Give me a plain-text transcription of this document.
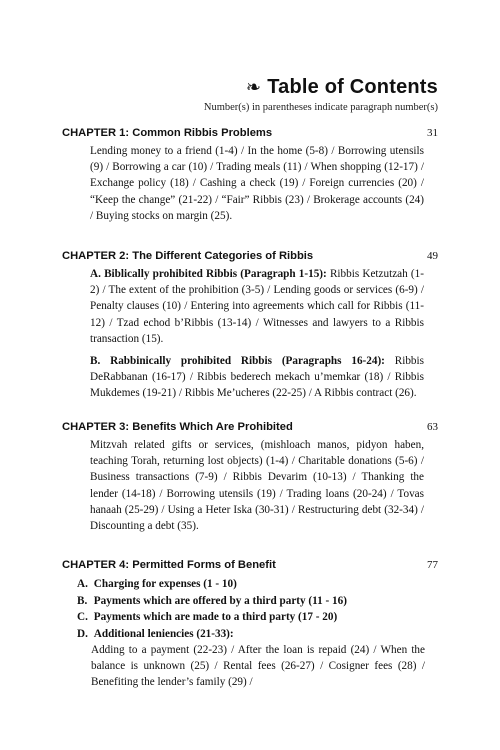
❧ Table of Contents
Number(s) in parentheses indicate paragraph number(s)
CHAPTER 1: Common Ribbis Problems	31

Lending money to a friend (1-4) / In the home (5-8) / Borrowing utensils (9) / Borrowing a car (10) / Trading meals (11) / When shopping (12-17) / Exchange policy (18) / Cashing a check (19) / Foreign currencies (20) / “Keep the change” (21-22) / “Fair” Ribbis (23) / Brokerage accounts (24) / Buying stocks on margin (25).

CHAPTER 2: The Different Categories of Ribbis	49

A. Biblically prohibited Ribbis (Paragraph 1-15): Ribbis Ketzutzah (1-2) / The extent of the prohibition (3-5) / Lending goods or services (6-9) / Penalty clauses (10) / Entering into agreements which call for Ribbis (11-12) / Tzad echod b’Ribbis (13-14) / Witnesses and lawyers to a Ribbis transaction (15).

B. Rabbinically prohibited Ribbis (Paragraphs 16-24): Ribbis DeRabbanan (16-17) / Ribbis bederech mekach u’memkar (18) / Ribbis Mukdemes (19-21) / Ribbis Me’ucheres (22-25) / A Ribbis contract (26).

CHAPTER 3: Benefits Which Are Prohibited	63

Mitzvah related gifts or services, (mishloach manos, pidyon haben, teaching Torah, returning lost objects) (1-4) / Charitable donations (5-6) / Business transactions (7-9) / Ribbis Devarim (10-13) / Thanking the lender (14-18) / Borrowing utensils (19) / Trading loans (20-24) / Tovas hanaah (25-29) / Using a Heter Iska (30-31) / Restructuring debt (32-34) / Discounting a debt (35).

CHAPTER 4: Permitted Forms of Benefit	77
A. Charging for expenses (1 - 10)
B. Payments which are offered by a third party (11 - 16)
C. Payments which are made to a third party (17 - 20)
D. Additional leniencies (21-33):
Adding to a payment (22-23) / After the loan is repaid (24) / When the balance is unknown (25) / Rental fees (26-27) / Cosigner fees (28) / Benefiting the lender’s family (29) /
